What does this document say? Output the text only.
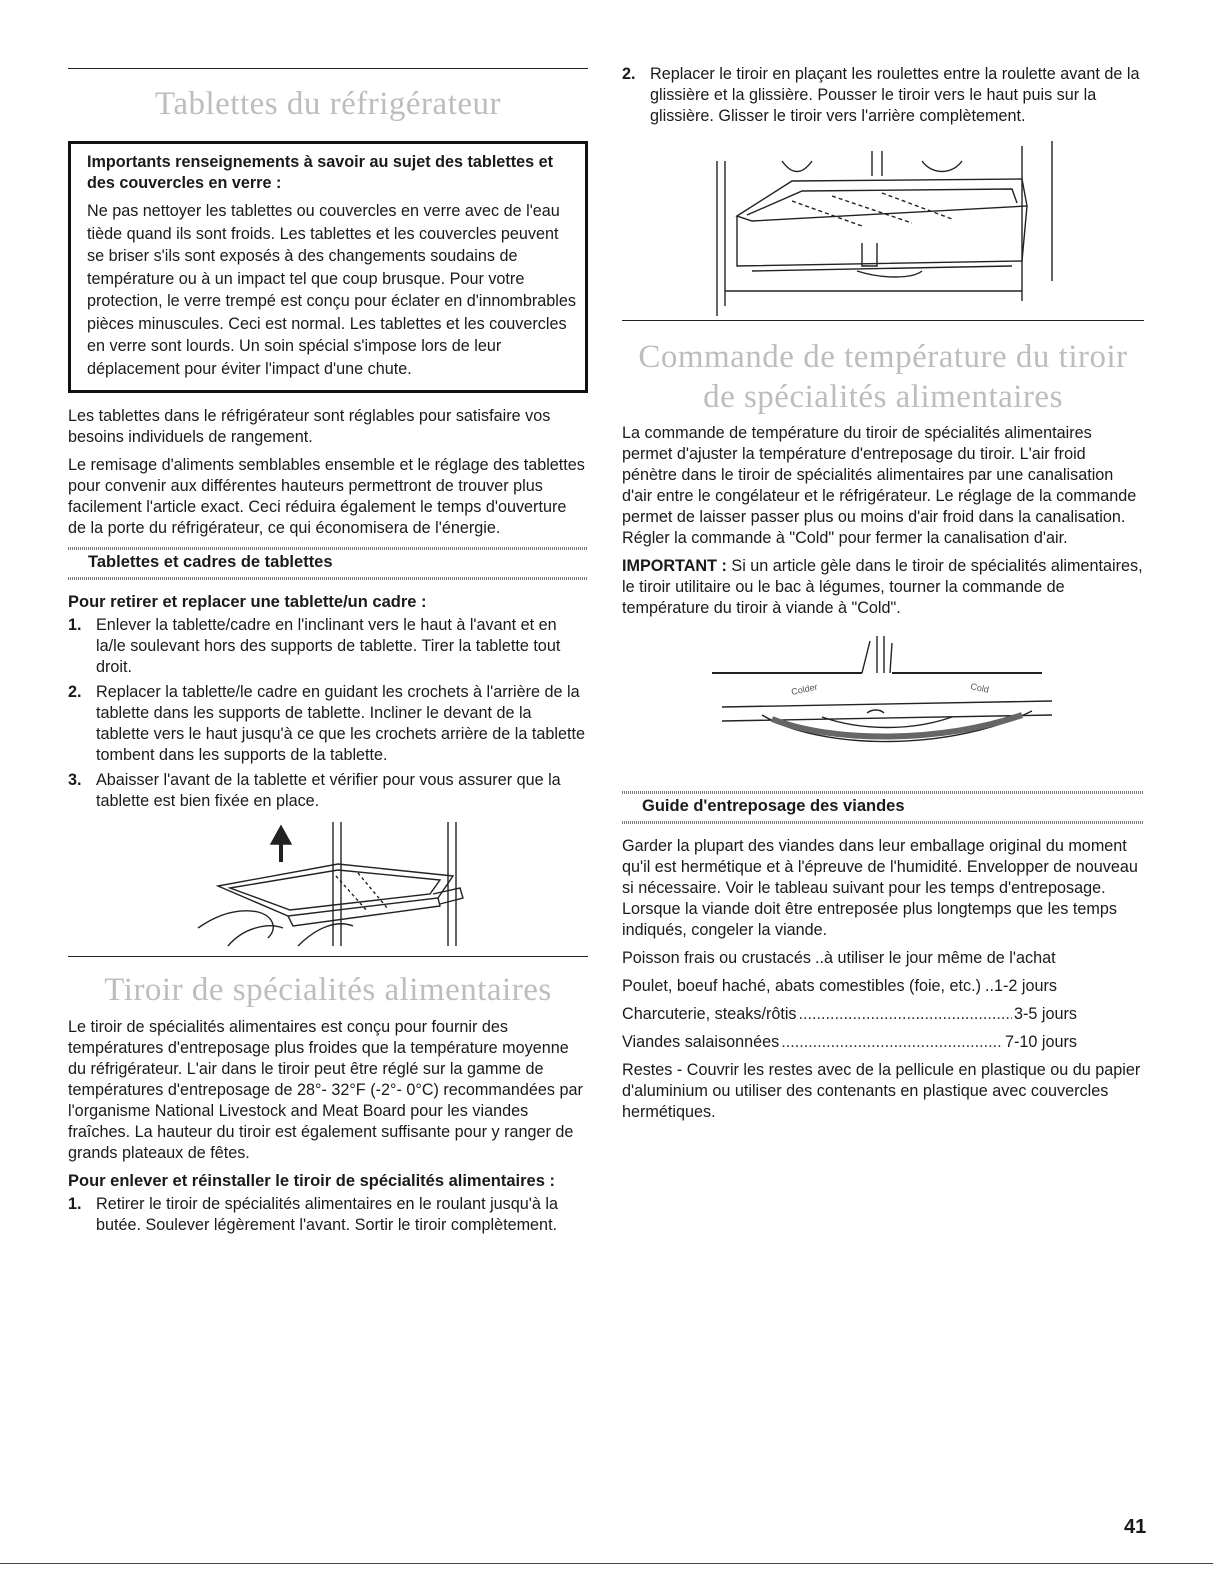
Tablettes du réfrigérateur
Importants renseignements à savoir au sujet des tablettes et des couvercles en verre :

Ne pas nettoyer les tablettes ou couvercles en verre avec de l'eau tiède quand ils sont froids. Les tablettes et les couvercles peuvent se briser s'ils sont exposés à des changements soudains de température ou à un impact tel que coup brusque. Pour votre protection, le verre trempé est conçu pour éclater en d'innombrables pièces minuscules. Ceci est normal. Les tablettes et les couvercles en verre sont lourds. Un soin spécial s'impose lors de leur déplacement pour éviter l'impact d'une chute.

Les tablettes dans le réfrigérateur sont réglables pour satisfaire vos besoins individuels de rangement.

Le remisage d'aliments semblables ensemble et le réglage des tablettes pour convenir aux différentes hauteurs permettront de trouver plus facilement l'article exact. Ceci réduira également le temps d'ouverture de la porte du réfrigérateur, ce qui économisera de l'énergie.

Tablettes et cadres de tablettes
Pour retirer et replacer une tablette/un cadre :
1. Enlever la tablette/cadre en l'inclinant vers le haut à l'avant et en la/le soulevant hors des supports de tablette. Tirer la tablette tout droit.
2. Replacer la tablette/le cadre en guidant les crochets à l'arrière de la tablette dans les supports de tablette. Incliner le devant de la tablette vers le haut jusqu'à ce que les crochets arrière de la tablette tombent dans les supports de la tablette.
3. Abaisser l'avant de la tablette et vérifier pour vous assurer que la tablette est bien fixée en place.
Tiroir de spécialités alimentaires

Le tiroir de spécialités alimentaires est conçu pour fournir des températures d'entreposage plus froides que la température moyenne du réfrigérateur. L'air dans le tiroir peut être réglé sur la gamme de températures d'entreposage de 28°- 32°F (-2°- 0°C) recommandées par l'organisme National Livestock and Meat Board pour les viandes fraîches. La hauteur du tiroir est également suffisante pour y ranger de grands plateaux de fêtes.

Pour enlever et réinstaller le tiroir de spécialités alimentaires :
1. Retirer le tiroir de spécialités alimentaires en le roulant jusqu'à la butée. Soulever légèrement l'avant. Sortir le tiroir complètement.
2. Replacer le tiroir en plaçant les roulettes entre la roulette avant de la glissière et la glissière. Pousser le tiroir vers le haut puis sur la glissière. Glisser le tiroir vers l'arrière complètement.
Commande de température du tiroir de spécialités alimentaires

La commande de température du tiroir de spécialités alimentaires permet d'ajuster la température d'entreposage du tiroir. L'air froid pénètre dans le tiroir de spécialités alimentaires par une canalisation d'air entre le congélateur et le réfrigérateur. Le réglage de la commande permet de laisser passer plus ou moins d'air froid dans la canalisation. Régler la commande à "Cold" pour fermer la canalisation d'air.

IMPORTANT : Si un article gèle dans le tiroir de spécialités alimentaires, le tiroir utilitaire ou le bac à légumes, tourner la commande de température du tiroir à viande à "Cold".

Colder	Cold
Guide d'entreposage des viandes

Garder la plupart des viandes dans leur emballage original du moment qu'il est hermétique et à l'épreuve de l'humidité. Envelopper de nouveau si nécessaire. Voir le tableau suivant pour les temps d'entreposage. Lorsque la viande doit être entreposée plus longtemps que les temps indiqués, congeler la viande.

Poisson frais ou crustacés ..à utiliser le jour même de l'achat
Poulet, boeuf haché, abats comestibles (foie, etc.) ..1-2 jours
Charcuterie, steaks/rôtis .....	3-5 jours
Viandes salaisonnées .....	7-10 jours

Restes - Couvrir les restes avec de la pellicule en plastique ou du papier d'aluminium ou utiliser des contenants en plastique avec couvercles hermétiques.

41
